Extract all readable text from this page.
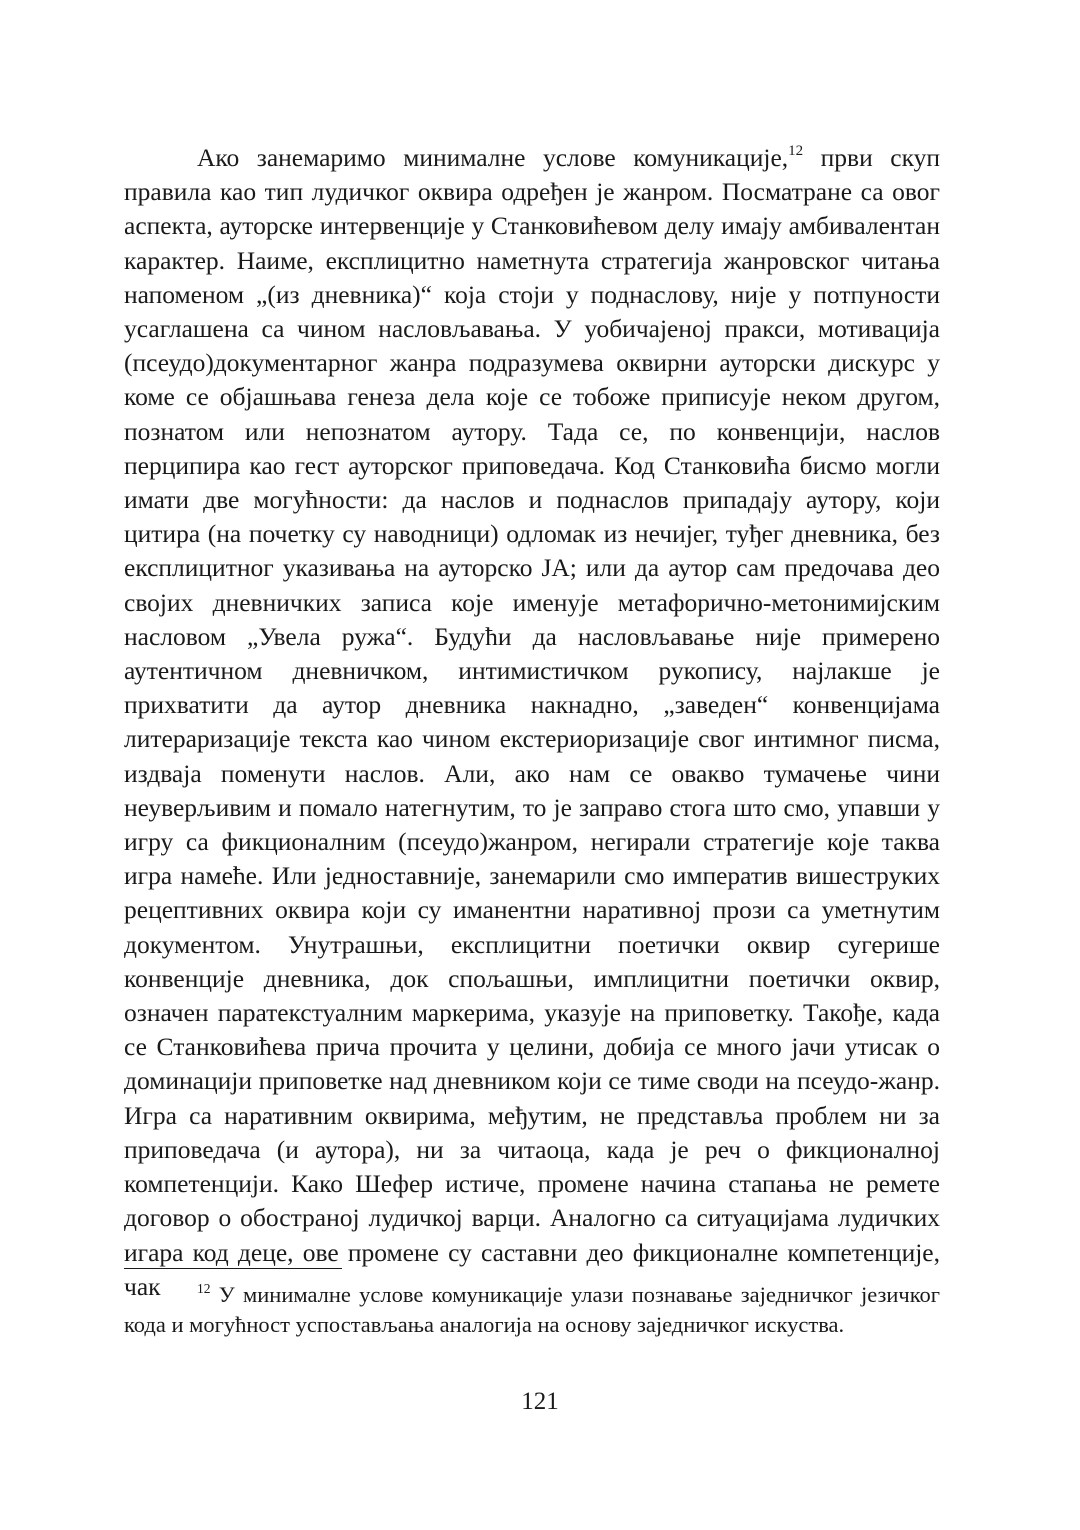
Ако занемаримо минималне услове комуникације,$^{12}$ први скуп правила као тип лудичког оквира одређен је жанром. Посматране са овог аспекта, ауторске интервенције у Станковићевом делу имају амбивалентан карактер. Наиме, експлицитно наметнута стратегија жанровског читања напоменом „(из дневника)“ која стоји у поднаслову, није у потпуности усаглашена са чином насловљавања. У уобичајеној пракси, мотивација (псеудо)документарног жанра подразумева оквирни ауторски дискурс у коме се објашњава генеза дела које се тобоже приписује неком другом, познатом или непознатом аутору. Тада се, по конвенцији, наслов перципира као гест ауторског приповедача. Код Станковића бисмо могли имати две могућности: да наслов и поднаслов припадају аутору, који цитира (на почетку су наводници) одломак из нечијег, туђег дневника, без експлицитног указивања на ауторско ЈА; или да аутор сам предочава део својих дневничких записа које именује метафорично-метонимијским насловом „Увела ружа“. Будући да насловљавање није примерено аутентичном дневничком, интимистичком рукопису, најлакше је прихватити да аутор дневника накнадно, „заведен“ конвенцијама литераризације текста као чином екстериоризације свог интимног писма, издваја поменути наслов. Али, ако нам се овакво тумачење чини неуверљивим и помало натегнутим, то је заправо стога што смо, упавши у игру са фикционалним (псеудо)жанром, негирали стратегије које таква игра намеће. Или једноставније, занемарили смо императив вишеструких рецептивних оквира који су иманентни наративној прози са уметнутим документом. Унутрашњи, експлицитни поетички оквир сугерише конвенције дневника, док спољашњи, имплицитни поетички оквир, означен паратекстуалним маркерима, указује на приповетку. Такође, када се Станковићева прича прочита у целини, добија се много јачи утисак о доминацији приповетке над дневником који се тиме своди на псеудо-жанр. Игра са наративним оквирима, међутим, не представља проблем ни за приповедача (и аутора), ни за читаоца, када је реч о фикционалној компетенцији. Како Шефер истиче, промене начина стапања не ремете договор о обострaној лудичкој варци. Аналогно са ситуацијама лудичких игара код деце, ове промене су саставни део фикционалне компетенције, чак	$^{12}$ У минималне услове комуникације улази познавање заједничког језичког кода и могућност успостављања аналогија на основу заједничког искуства.

121
